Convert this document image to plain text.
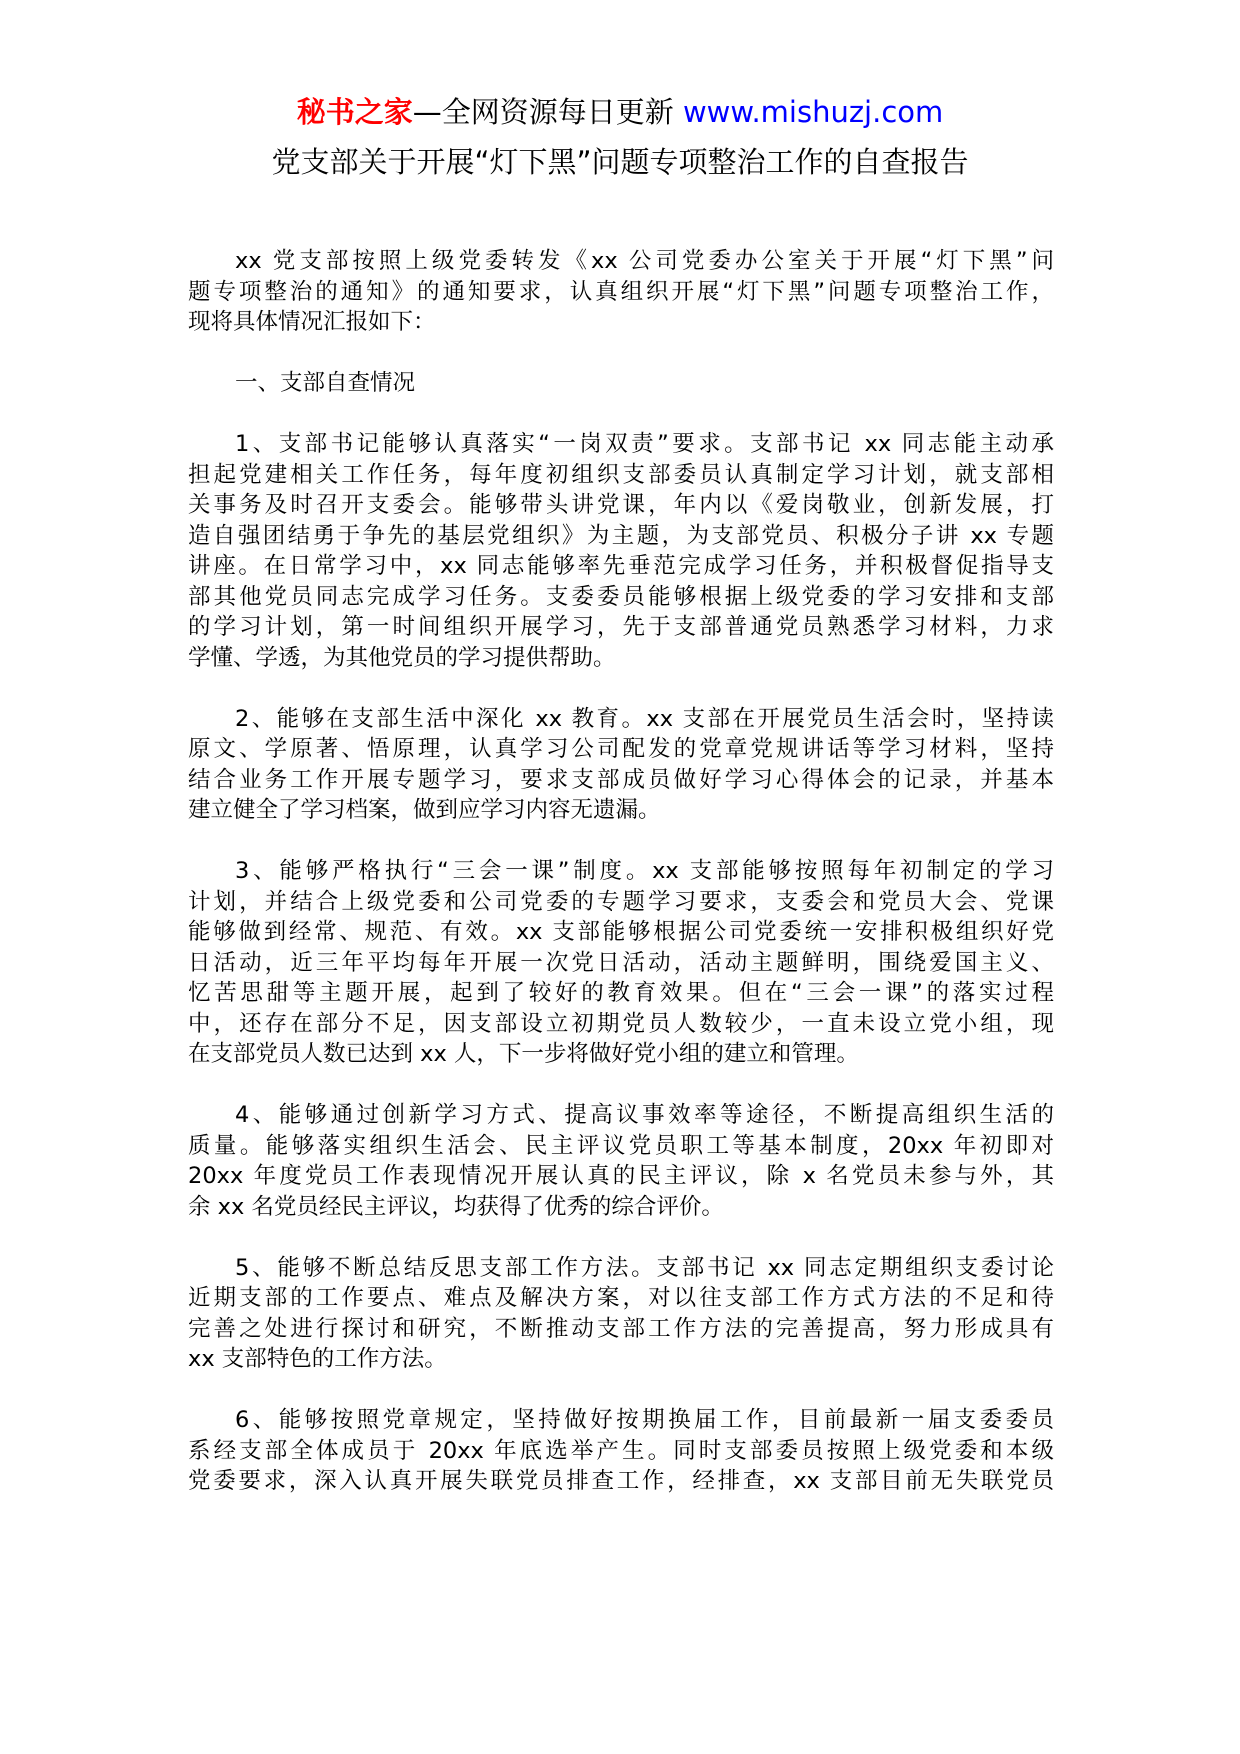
秘书之家—全网资源每日更新 www.mishuzj.com
党支部关于开展“灯下黑”问题专项整治工作的自查报告
xx 党支部按照上级党委转发《xx 公司党委办公室关于开展“灯下黑”问
题专项整治的通知》的通知要求，认真组织开展“灯下黑”问题专项整治工作，
现将具体情况汇报如下：
一、支部自查情况
1、支部书记能够认真落实“一岗双责”要求。支部书记 xx 同志能主动承
担起党建相关工作任务，每年度初组织支部委员认真制定学习计划，就支部相
关事务及时召开支委会。能够带头讲党课，年内以《爱岗敬业，创新发展，打
造自强团结勇于争先的基层党组织》为主题，为支部党员、积极分子讲 xx 专题
讲座。在日常学习中，xx 同志能够率先垂范完成学习任务，并积极督促指导支
部其他党员同志完成学习任务。支委委员能够根据上级党委的学习安排和支部
的学习计划，第一时间组织开展学习，先于支部普通党员熟悉学习材料，力求
学懂、学透，为其他党员的学习提供帮助。
2、能够在支部生活中深化 xx 教育。xx 支部在开展党员生活会时，坚持读
原文、学原著、悟原理，认真学习公司配发的党章党规讲话等学习材料，坚持
结合业务工作开展专题学习，要求支部成员做好学习心得体会的记录，并基本
建立健全了学习档案，做到应学习内容无遗漏。
3、能够严格执行“三会一课”制度。xx 支部能够按照每年初制定的学习
计划，并结合上级党委和公司党委的专题学习要求，支委会和党员大会、党课
能够做到经常、规范、有效。xx 支部能够根据公司党委统一安排积极组织好党
日活动，近三年平均每年开展一次党日活动，活动主题鲜明，围绕爱国主义、
忆苦思甜等主题开展，起到了较好的教育效果。但在“三会一课”的落实过程
中，还存在部分不足，因支部设立初期党员人数较少，一直未设立党小组，现
在支部党员人数已达到 xx 人，下一步将做好党小组的建立和管理。
4、能够通过创新学习方式、提高议事效率等途径，不断提高组织生活的
质量。能够落实组织生活会、民主评议党员职工等基本制度，20xx 年初即对
20xx 年度党员工作表现情况开展认真的民主评议，除 x 名党员未参与外，其
余 xx 名党员经民主评议，均获得了优秀的综合评价。
5、能够不断总结反思支部工作方法。支部书记 xx 同志定期组织支委讨论
近期支部的工作要点、难点及解决方案，对以往支部工作方式方法的不足和待
完善之处进行探讨和研究，不断推动支部工作方法的完善提高，努力形成具有
xx 支部特色的工作方法。
6、能够按照党章规定，坚持做好按期换届工作，目前最新一届支委委员
系经支部全体成员于 20xx 年底选举产生。同时支部委员按照上级党委和本级
党委要求，深入认真开展失联党员排查工作，经排查，xx 支部目前无失联党员
